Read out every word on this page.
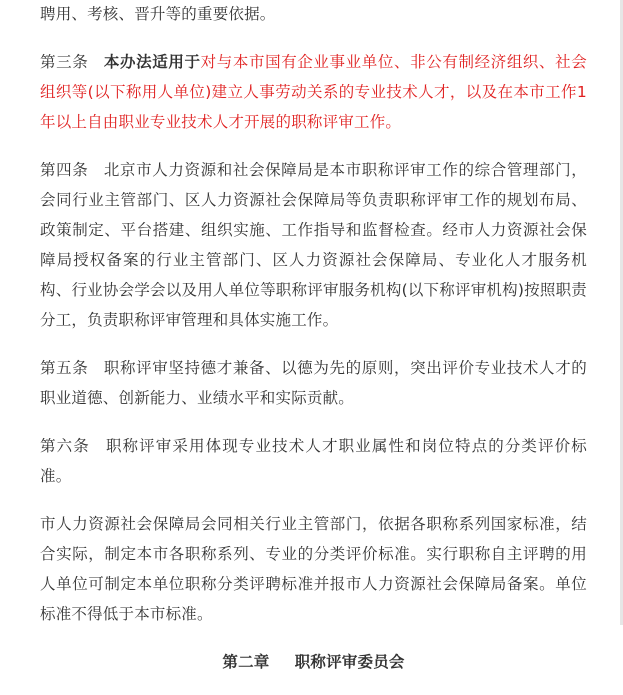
聘用、考核、晋升等的重要依据。

第三条 本办法适用于对与本市国有企业事业单位、非公有制经济组织、社会组织等(以下称用人单位)建立人事劳动关系的专业技术人才，以及在本市工作1年以上自由职业专业技术人才开展的职称评审工作。

第四条 北京市人力资源和社会保障局是本市职称评审工作的综合管理部门，会同行业主管部门、区人力资源社会保障局等负责职称评审工作的规划布局、政策制定、平台搭建、组织实施、工作指导和监督检查。经市人力资源社会保障局授权备案的行业主管部门、区人力资源社会保障局、专业化人才服务机构、行业协会学会以及用人单位等职称评审服务机构(以下称评审机构)按照职责分工，负责职称评审管理和具体实施工作。

第五条 职称评审坚持德才兼备、以德为先的原则，突出评价专业技术人才的职业道德、创新能力、业绩水平和实际贡献。

第六条 职称评审采用体现专业技术人才职业属性和岗位特点的分类评价标准。

市人力资源社会保障局会同相关行业主管部门，依据各职称系列国家标准，结合实际，制定本市各职称系列、专业的分类评价标准。实行职称自主评聘的用人单位可制定本单位职称分类评聘标准并报市人力资源社会保障局备案。单位标准不得低于本市标准。

第二章 职称评审委员会
